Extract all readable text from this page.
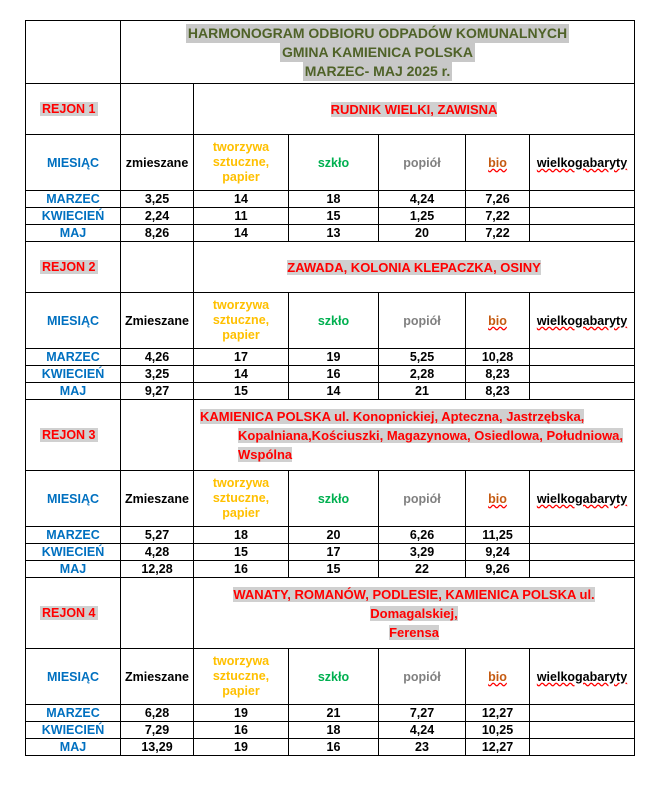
	HARMONOGRAM ODBIORU ODPADÓW KOMUNALNYCH
GMINA KAMIENICA POLSKA
MARZEC- MAJ 2025 r.					
REJON 1		RUDNIK WIELKI, ZAWISNA				
MIESIĄC	zmieszane	tworzywa
sztuczne,
papier	szkło	popiół	bio	wielkogabaryty
MARZEC	3,25	14	18	4,24	7,26	
KWIECIEŃ	2,24	11	15	1,25	7,22	
MAJ	8,26	14	13	20	7,22	
REJON 2		ZAWADA, KOLONIA KLEPACZKA, OSINY				
MIESIĄC	Zmieszane	tworzywa
sztuczne,
papier	szkło	popiół	bio	wielkogabaryty
MARZEC	4,26	17	19	5,25	10,28	
KWIECIEŃ	3,25	14	16	2,28	8,23	
MAJ	9,27	15	14	21	8,23	
REJON 3		KAMIENICA POLSKA ul. Konopnickiej, Apteczna, Jastrzębska,
Kopalniana,Kościuszki, Magazynowa, Osiedlowa, Południowa,
Wspólna				
MIESIĄC	Zmieszane	tworzywa
sztuczne,
papier	szkło	popiół	bio	wielkogabaryty
MARZEC	5,27	18	20	6,26	11,25	
KWIECIEŃ	4,28	15	17	3,29	9,24	
MAJ	12,28	16	15	22	9,26	
REJON 4		WANATY, ROMANÓW, PODLESIE, KAMIENICA POLSKA ul.
Domagalskiej,
Ferensa				
MIESIĄC	Zmieszane	tworzywa
sztuczne,
papier	szkło	popiół	bio	wielkogabaryty
MARZEC	6,28	19	21	7,27	12,27	
KWIECIEŃ	7,29	16	18	4,24	10,25	
MAJ	13,29	19	16	23	12,27	
